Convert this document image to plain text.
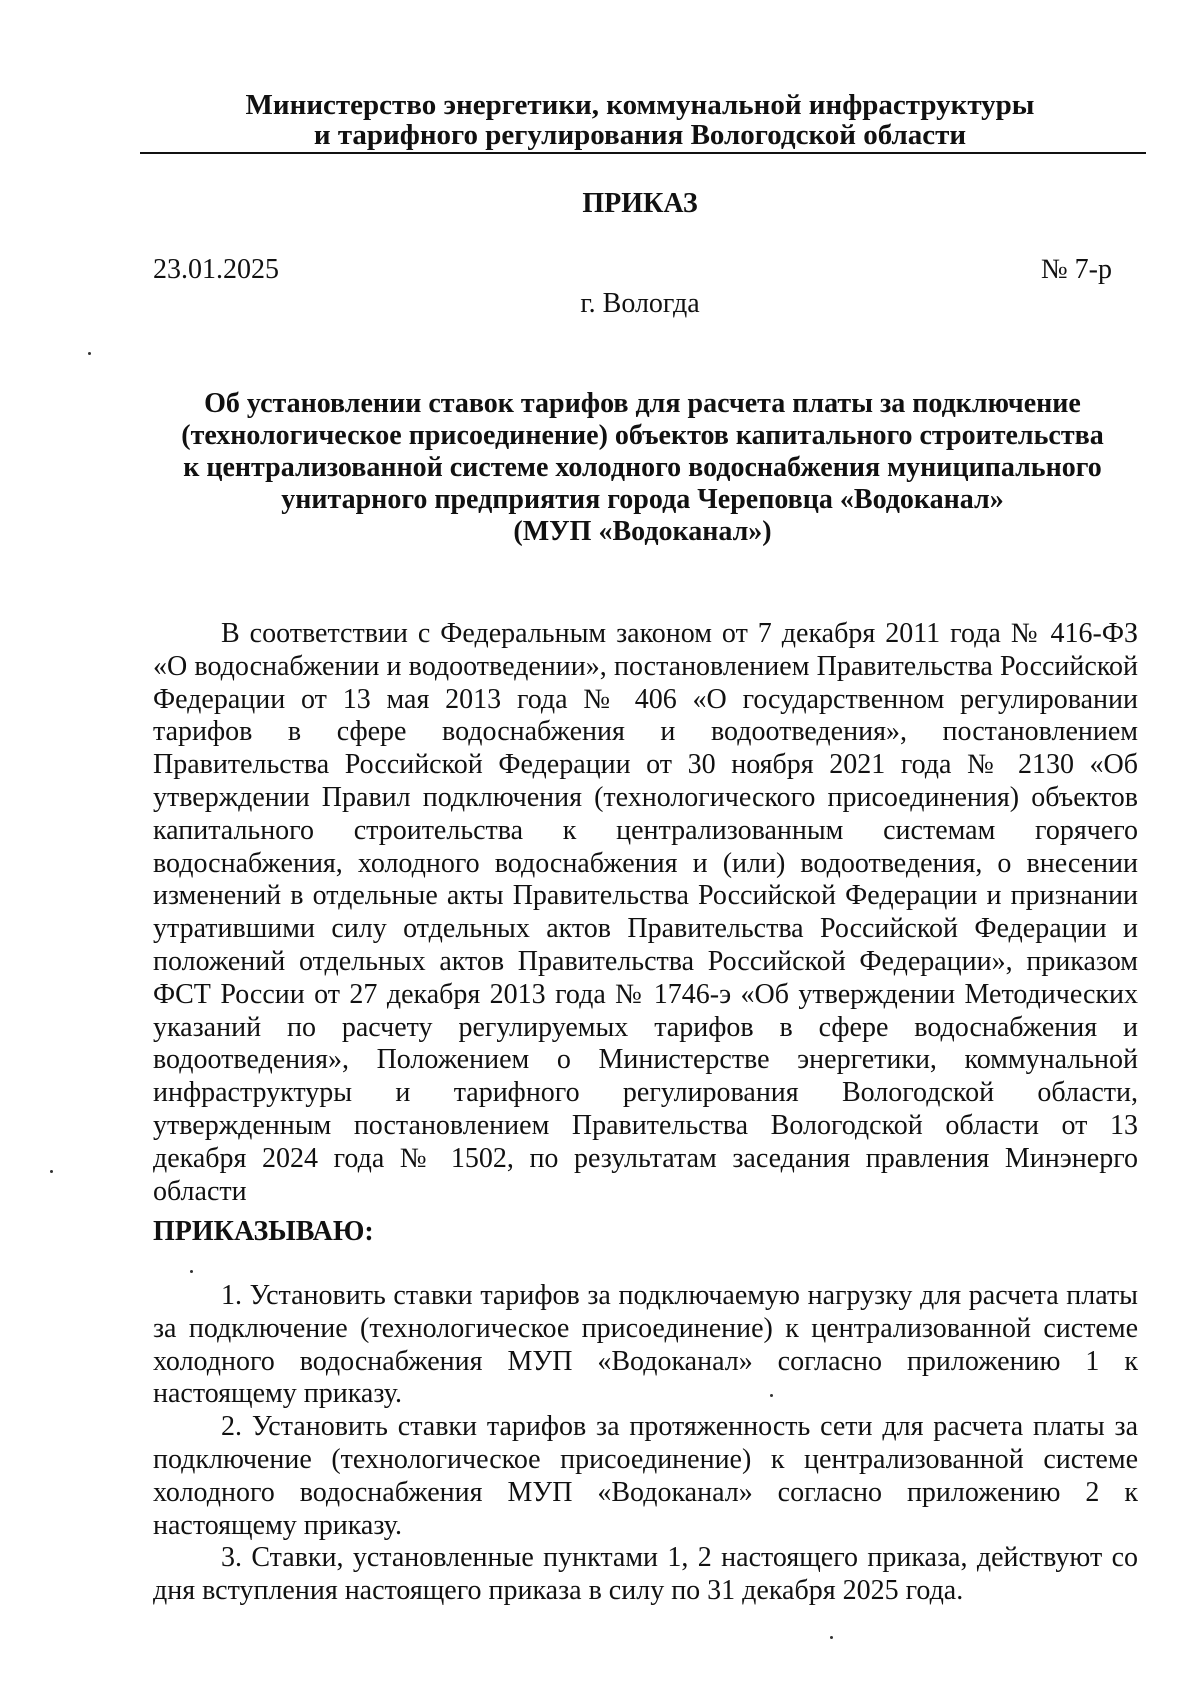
Министерство энергетики, коммунальной инфраструктуры
и тарифного регулирования Вологодской области
ПРИКАЗ
23.01.2025	№ 7-р
г. Вологда
Об установлении ставок тарифов для расчета платы за подключение
(технологическое присоединение) объектов капитального строительства
к централизованной системе холодного водоснабжения муниципального
унитарного предприятия города Череповца «Водоканал»
(МУП «Водоканал»)

В соответствии с Федеральным законом от 7 декабря 2011 года № 416-ФЗ «О водоснабжении и водоотведении», постановлением Правительства Российской Федерации от 13 мая 2013 года № 406 «О государственном регулировании тарифов в сфере водоснабжения и водоотведения», постановлением Правительства Российской Федерации от 30 ноября 2021 года № 2130 «Об утверждении Правил подключения (технологического присоединения) объектов капитального строительства к централизованным системам горячего водоснабжения, холодного водоснабжения и (или) водоотведения, о внесении изменений в отдельные акты Правительства Российской Федерации и признании утратившими силу отдельных актов Правительства Российской Федерации и положений отдельных актов Правительства Российской Федерации», приказом ФСТ России от 27 декабря 2013 года № 1746-э «Об утверждении Методических указаний по расчету регулируемых тарифов в сфере водоснабжения и водоотведения», Положением о Министерстве энергетики, коммунальной инфраструктуры и тарифного регулирования Вологодской области, утвержденным постановлением Правительства Вологодской области от 13 декабря 2024 года № 1502, по результатам заседания правления Минэнерго области

ПРИКАЗЫВАЮ:

1. Установить ставки тарифов за подключаемую нагрузку для расчета платы за подключение (технологическое присоединение) к централизованной системе холодного водоснабжения МУП «Водоканал» согласно приложению 1 к настоящему приказу.

2. Установить ставки тарифов за протяженность сети для расчета платы за подключение (технологическое присоединение) к централизованной системе холодного водоснабжения МУП «Водоканал» согласно приложению 2 к настоящему приказу.

3. Ставки, установленные пунктами 1, 2 настоящего приказа, действуют со дня вступления настоящего приказа в силу по 31 декабря 2025 года.
